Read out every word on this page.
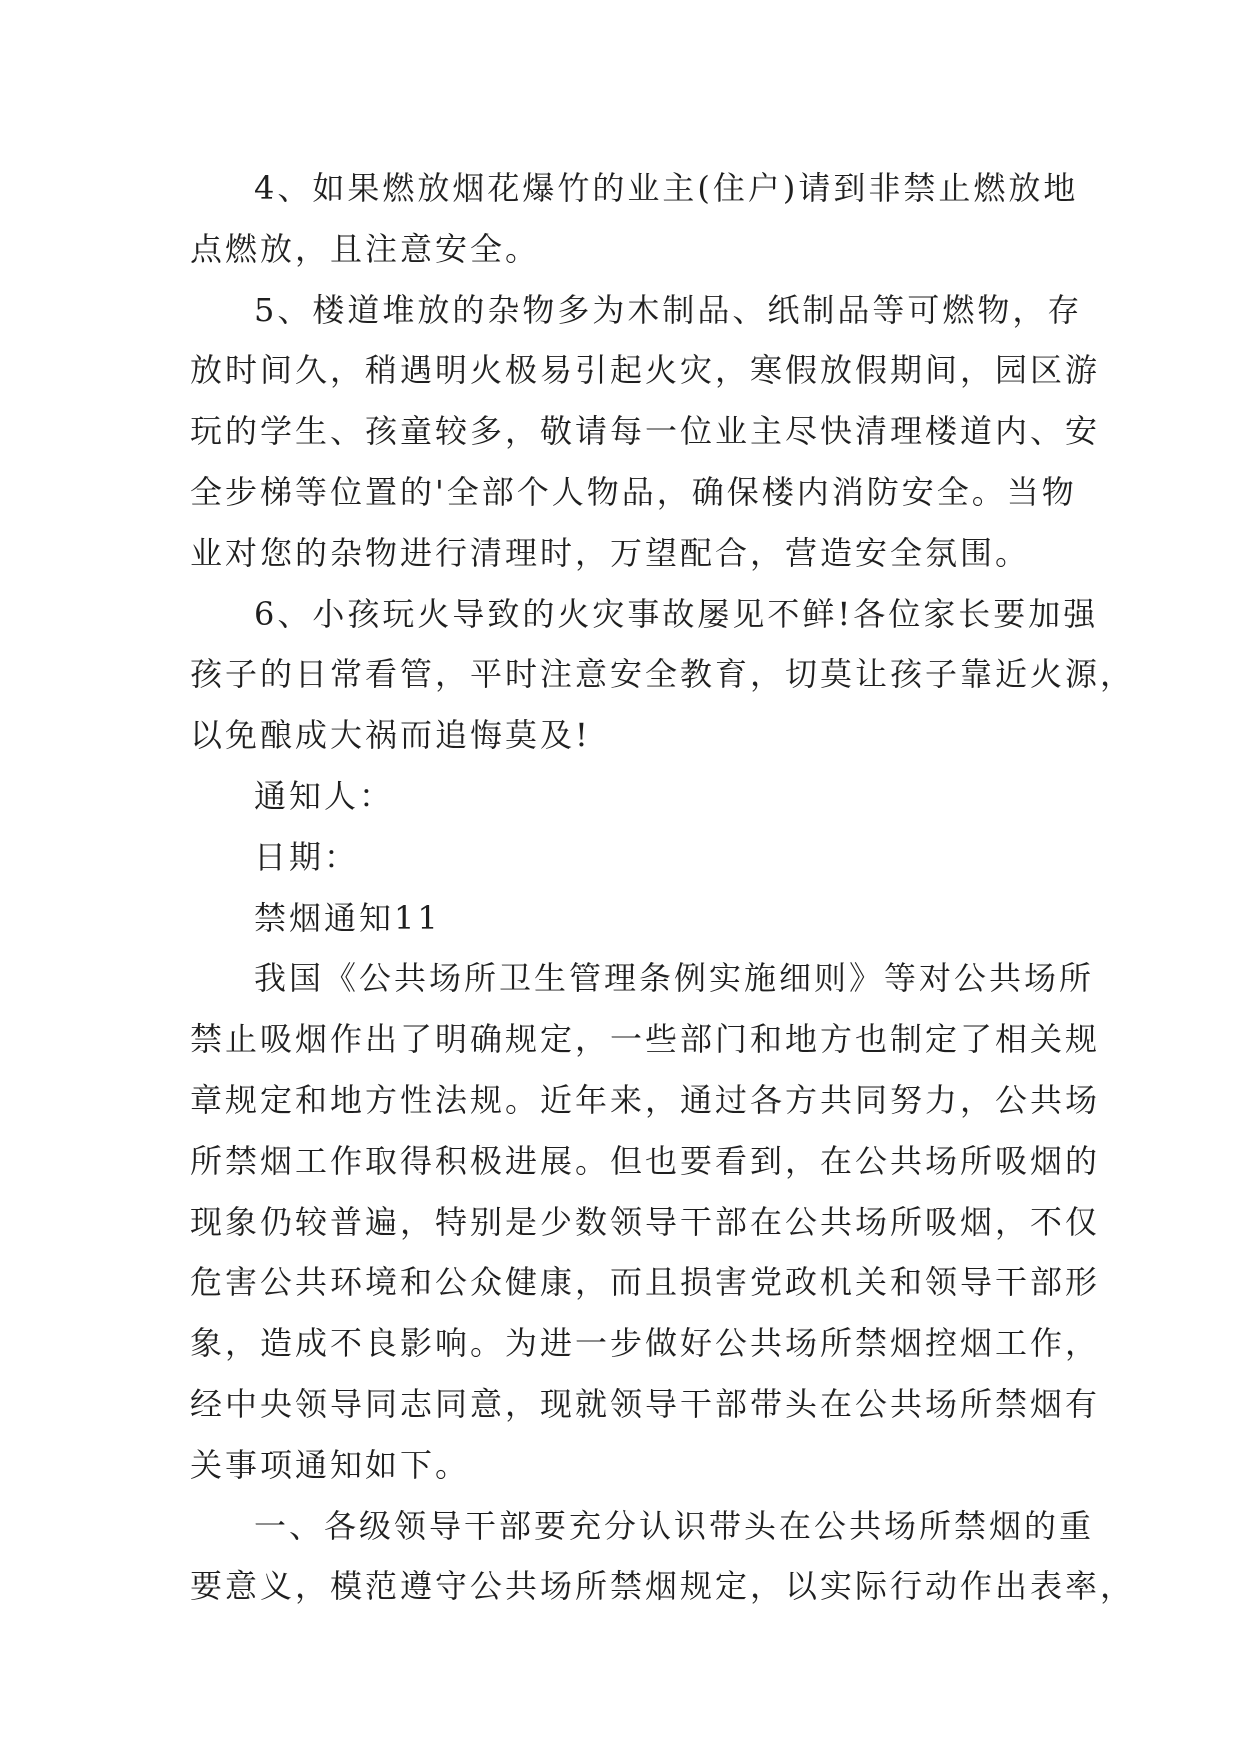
4、如果燃放烟花爆竹的业主(住户)请到非禁止燃放地
点燃放，且注意安全。
5、楼道堆放的杂物多为木制品、纸制品等可燃物，存
放时间久，稍遇明火极易引起火灾，寒假放假期间，园区游
玩的学生、孩童较多，敬请每一位业主尽快清理楼道内、安
全步梯等位置的'全部个人物品，确保楼内消防安全。当物
业对您的杂物进行清理时，万望配合，营造安全氛围。
6、小孩玩火导致的火灾事故屡见不鲜!各位家长要加强
孩子的日常看管，平时注意安全教育，切莫让孩子靠近火源，
以免酿成大祸而追悔莫及!
通知人：
日期：
禁烟通知11
我国《公共场所卫生管理条例实施细则》等对公共场所
禁止吸烟作出了明确规定，一些部门和地方也制定了相关规
章规定和地方性法规。近年来，通过各方共同努力，公共场
所禁烟工作取得积极进展。但也要看到，在公共场所吸烟的
现象仍较普遍，特别是少数领导干部在公共场所吸烟，不仅
危害公共环境和公众健康，而且损害党政机关和领导干部形
象，造成不良影响。为进一步做好公共场所禁烟控烟工作，
经中央领导同志同意，现就领导干部带头在公共场所禁烟有
关事项通知如下。
一、各级领导干部要充分认识带头在公共场所禁烟的重
要意义，模范遵守公共场所禁烟规定，以实际行动作出表率，
